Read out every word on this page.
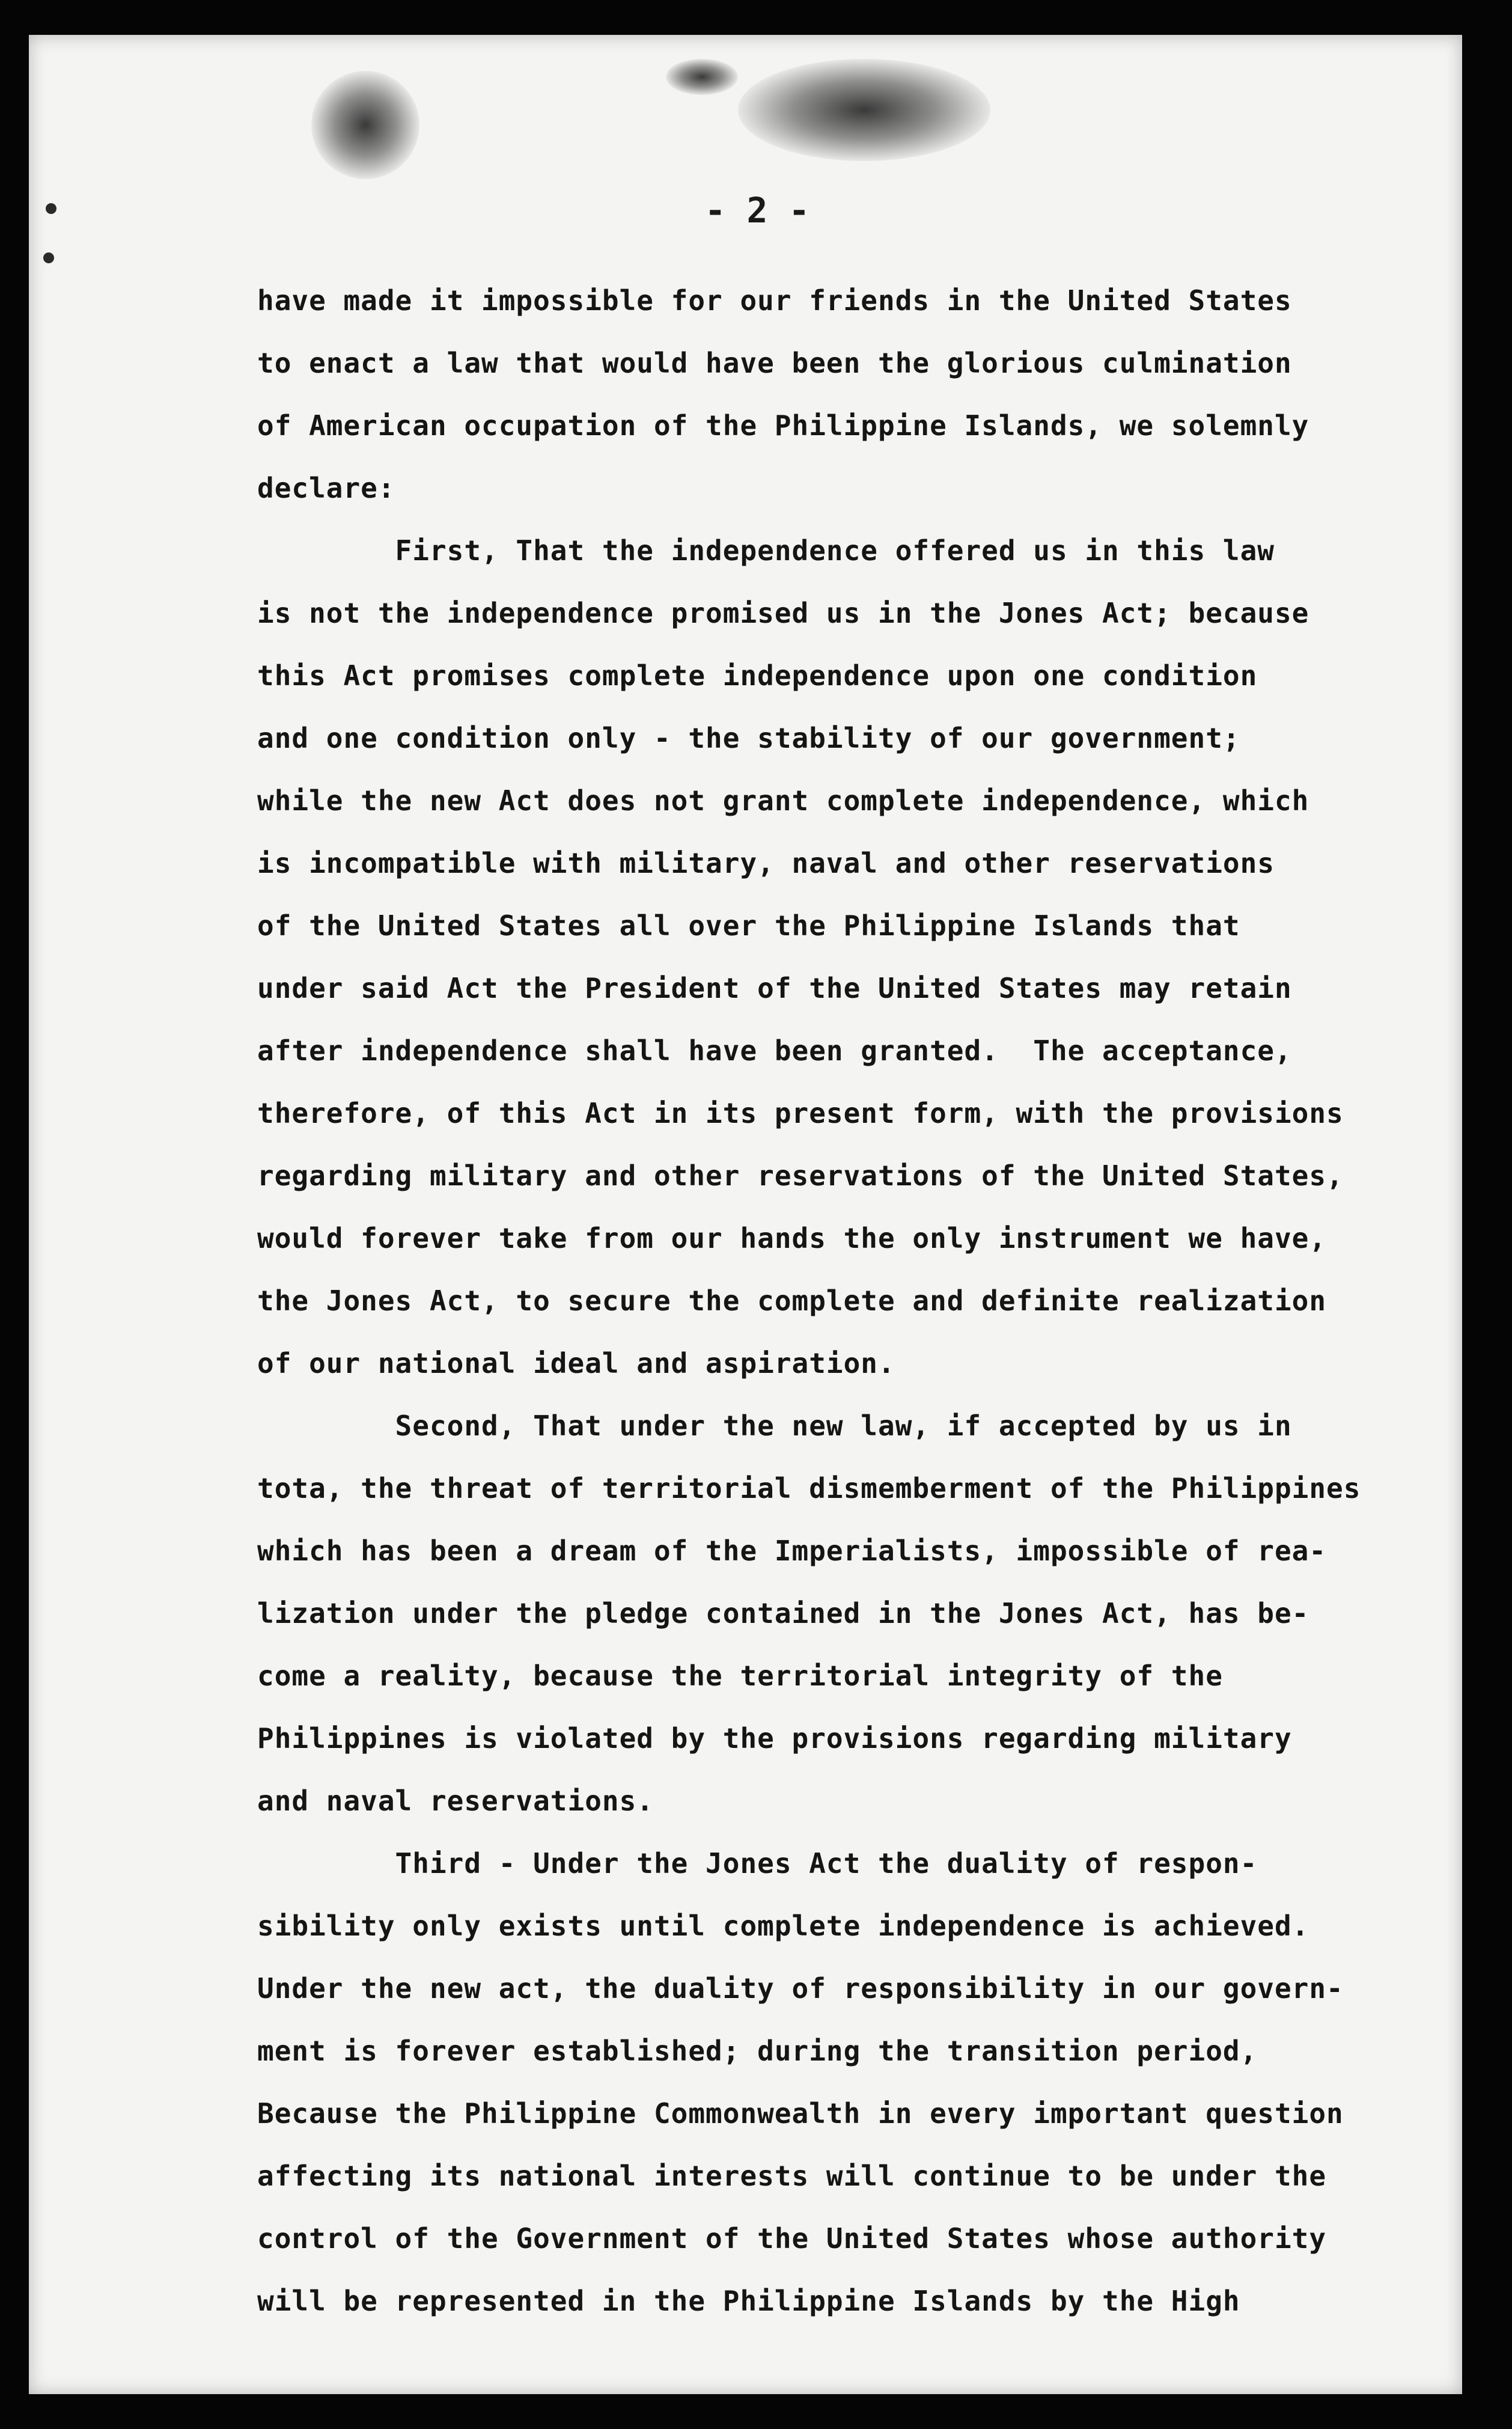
- 2 -
have made it impossible for our friends in the United States
to enact a law that would have been the glorious culmination
of American occupation of the Philippine Islands, we solemnly
declare:
First, That the independence offered us in this law
is not the independence promised us in the Jones Act; because
this Act promises complete independence upon one condition
and one condition only - the stability of our government;
while the new Act does not grant complete independence, which
is incompatible with military, naval and other reservations
of the United States all over the Philippine Islands that
under said Act the President of the United States may retain
after independence shall have been granted.  The acceptance,
therefore, of this Act in its present form, with the provisions
regarding military and other reservations of the United States,
would forever take from our hands the only instrument we have,
the Jones Act, to secure the complete and definite realization
of our national ideal and aspiration.
Second, That under the new law, if accepted by us in
tota, the threat of territorial dismemberment of the Philippines
which has been a dream of the Imperialists, impossible of rea-
lization under the pledge contained in the Jones Act, has be-
come a reality, because the territorial integrity of the
Philippines is violated by the provisions regarding military
and naval reservations.
Third - Under the Jones Act the duality of respon-
sibility only exists until complete independence is achieved.
Under the new act, the duality of responsibility in our govern-
ment is forever established; during the transition period,
Because the Philippine Commonwealth in every important question
affecting its national interests will continue to be under the
control of the Government of the United States whose authority
will be represented in the Philippine Islands by the High
